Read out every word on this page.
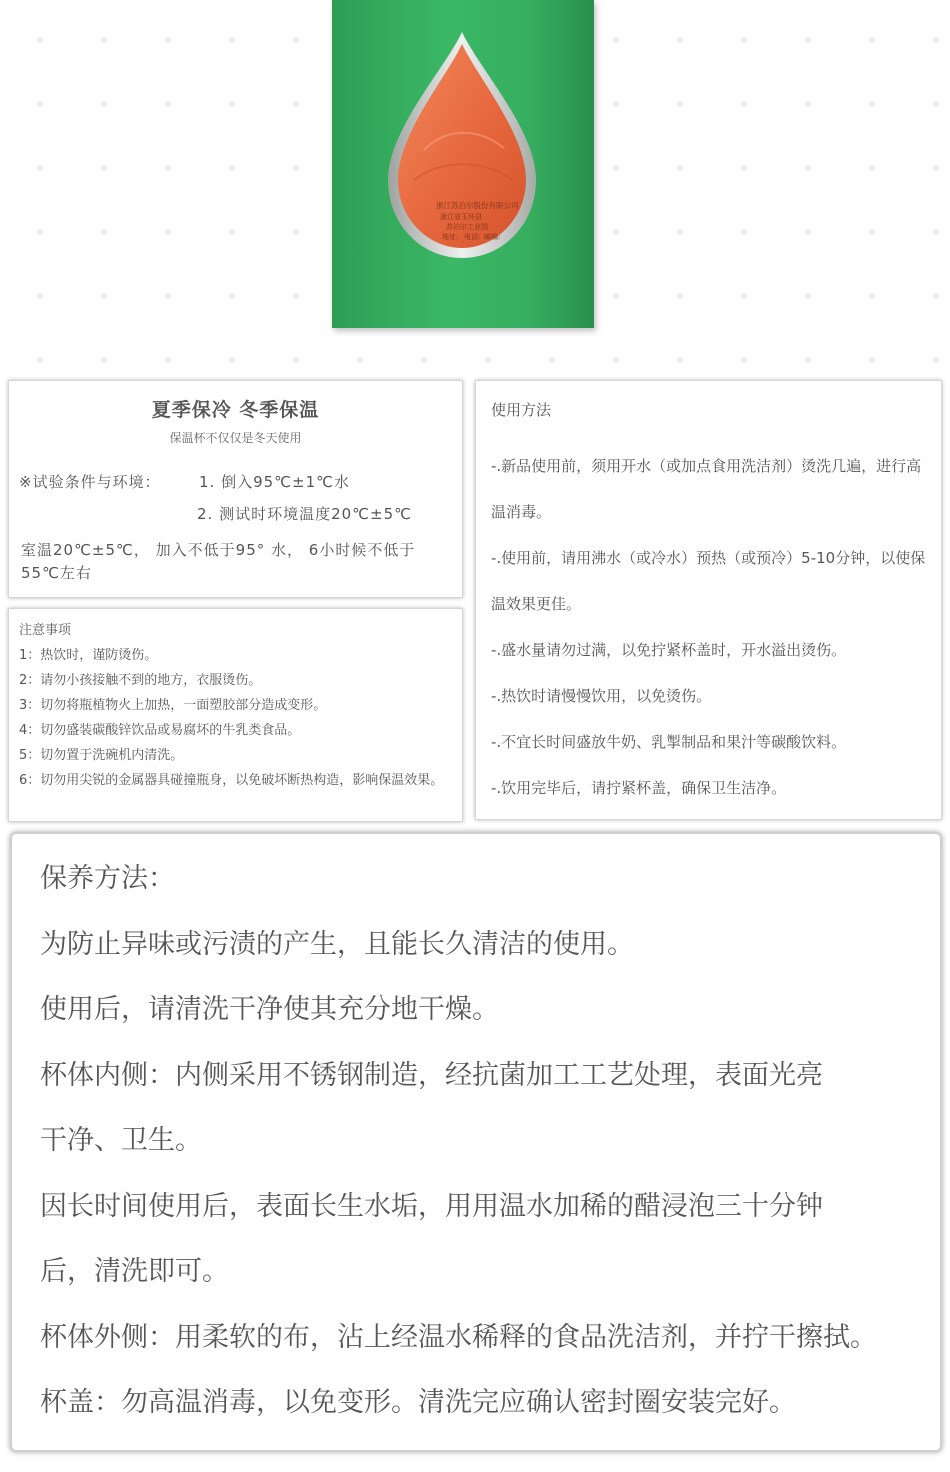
浙江苏泊尔股份有限公司
浙江省玉环县
苏泊尔工业园
地址: 电话: 邮编:
夏季保冷 冬季保温
保温杯不仅仅是冬天使用
※试验条件与环境：	1. 倒入95℃±1℃水
2. 测试时环境温度20℃±5℃
室温20℃±5℃， 加入不低于95° 水， 6小时候不低于55℃左右
注意事项
1：热饮时，谨防烫伤。
2：请勿小孩接触不到的地方，衣服烫伤。
3：切勿将瓶植物火上加热，一面塑胶部分造成变形。
4：切勿盛装碳酸锌饮品或易腐坏的牛乳类食品。
5：切勿置于洗碗机内清洗。
6：切勿用尖锐的金属器具碰撞瓶身，以免破坏断热构造，影响保温效果。
使用方法
-.新品使用前，须用开水（或加点食用洗洁剂）烫洗几遍，进行高温消毒。
-.使用前，请用沸水（或冷水）预热（或预冷）5-10分钟，以使保温效果更佳。
-.盛水量请勿过满，以免拧紧杯盖时，开水溢出烫伤。
-.热饮时请慢慢饮用，以免烫伤。
-.不宜长时间盛放牛奶、乳掣制品和果汁等碳酸饮料。
-.饮用完毕后，请拧紧杯盖，确保卫生洁净。
保养方法：
为防止异味或污渍的产生，且能长久清洁的使用。
使用后，请清洗干净使其充分地干燥。
杯体内侧：内侧采用不锈钢制造，经抗菌加工工艺处理，表面光亮
干净、卫生。
因长时间使用后，表面长生水垢，用用温水加稀的醋浸泡三十分钟
后，清洗即可。
杯体外侧：用柔软的布，沾上经温水稀释的食品洗洁剂，并拧干擦拭。
杯盖：勿高温消毒，以免变形。清洗完应确认密封圈安装完好。
